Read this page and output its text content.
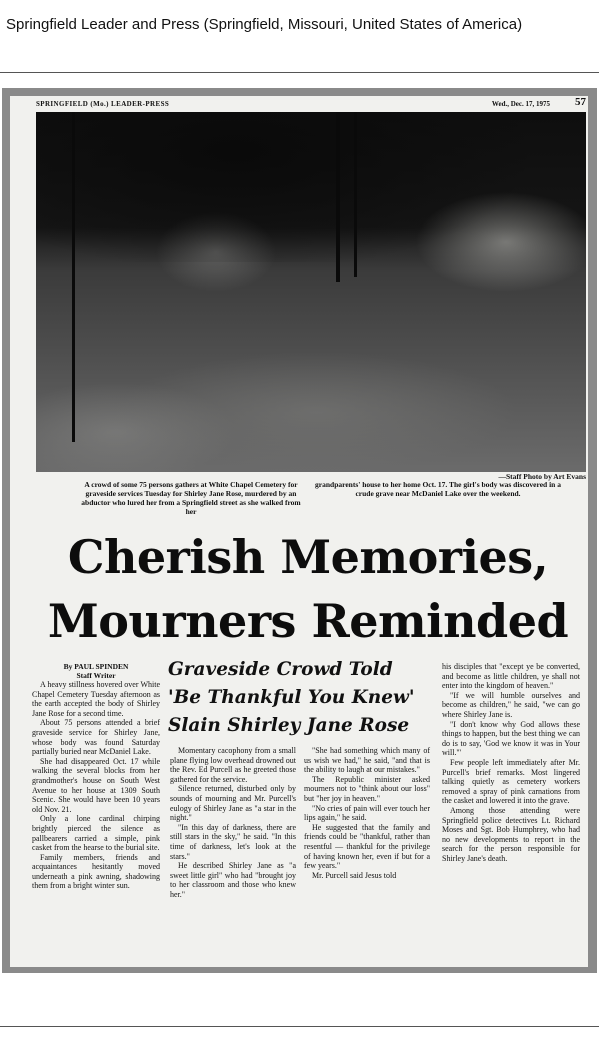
Springfield Leader and Press (Springfield, Missouri, United States of America)
SPRINGFIELD (Mo.) LEADER-PRESS	Wed., Dec. 17, 1975 57
—Staff Photo by Art Evans
A crowd of some 75 persons gathers at White Chapel Cemetery for graveside services Tuesday for Shirley Jane Rose, murdered by an abductor who lured her from a Springfield street as she walked from her
grandparents' house to her home Oct. 17. The girl's body was discovered in a crude grave near McDaniel Lake over the weekend.
Cherish Memories,
Mourners Reminded
Graveside Crowd Told
'Be Thankful You Knew'
Slain Shirley Jane Rose
By PAUL SPINDEN
Staff Writer

A heavy stillness hovered over White Chapel Cemetery Tuesday afternoon as the earth accepted the body of Shirley Jane Rose for a second time.

About 75 persons attended a brief graveside service for Shirley Jane, whose body was found Saturday partially buried near McDaniel Lake.

She had disappeared Oct. 17 while walking the several blocks from her grandmother's house on South West Avenue to her house at 1309 South Scenic. She would have been 10 years old Nov. 21.

Only a lone cardinal chirping brightly pierced the silence as pallbearers carried a simple, pink casket from the hearse to the burial site.

Family members, friends and acquaintances hesitantly moved underneath a pink awning, shadowing them from a bright winter sun.

Momentary cacophony from a small plane flying low overhead drowned out the Rev. Ed Purcell as he greeted those gathered for the service.

Silence returned, disturbed only by sounds of mourning and Mr. Purcell's eulogy of Shirley Jane as "a star in the night."

"In this day of darkness, there are still stars in the sky," he said. "In this time of darkness, let's look at the stars."

He described Shirley Jane as "a sweet little girl" who had "brought joy to her classroom and those who knew her."

"She had something which many of us wish we had," he said, "and that is the ability to laugh at our mistakes."

The Republic minister asked mourners not to "think about our loss" but "her joy in heaven."

"No cries of pain will ever touch her lips again," he said.

He suggested that the family and friends could be "thankful, rather than resentful — thankful for the privilege of having known her, even if but for a few years."

Mr. Purcell said Jesus told

his disciples that "except ye be converted, and become as little children, ye shall not enter into the kingdom of heaven."

"If we will humble ourselves and become as children," he said, "we can go where Shirley Jane is.

"I don't know why God allows these things to happen, but the best thing we can do is to say, 'God we know it was in Your will.'"

Few people left immediately after Mr. Purcell's brief remarks. Most lingered talking quietly as cemetery workers removed a spray of pink carnations from the casket and lowered it into the grave.

Among those attending were Springfield police detectives Lt. Richard Moses and Sgt. Bob Humphrey, who had no new developments to report in the search for the person responsible for Shirley Jane's death.
